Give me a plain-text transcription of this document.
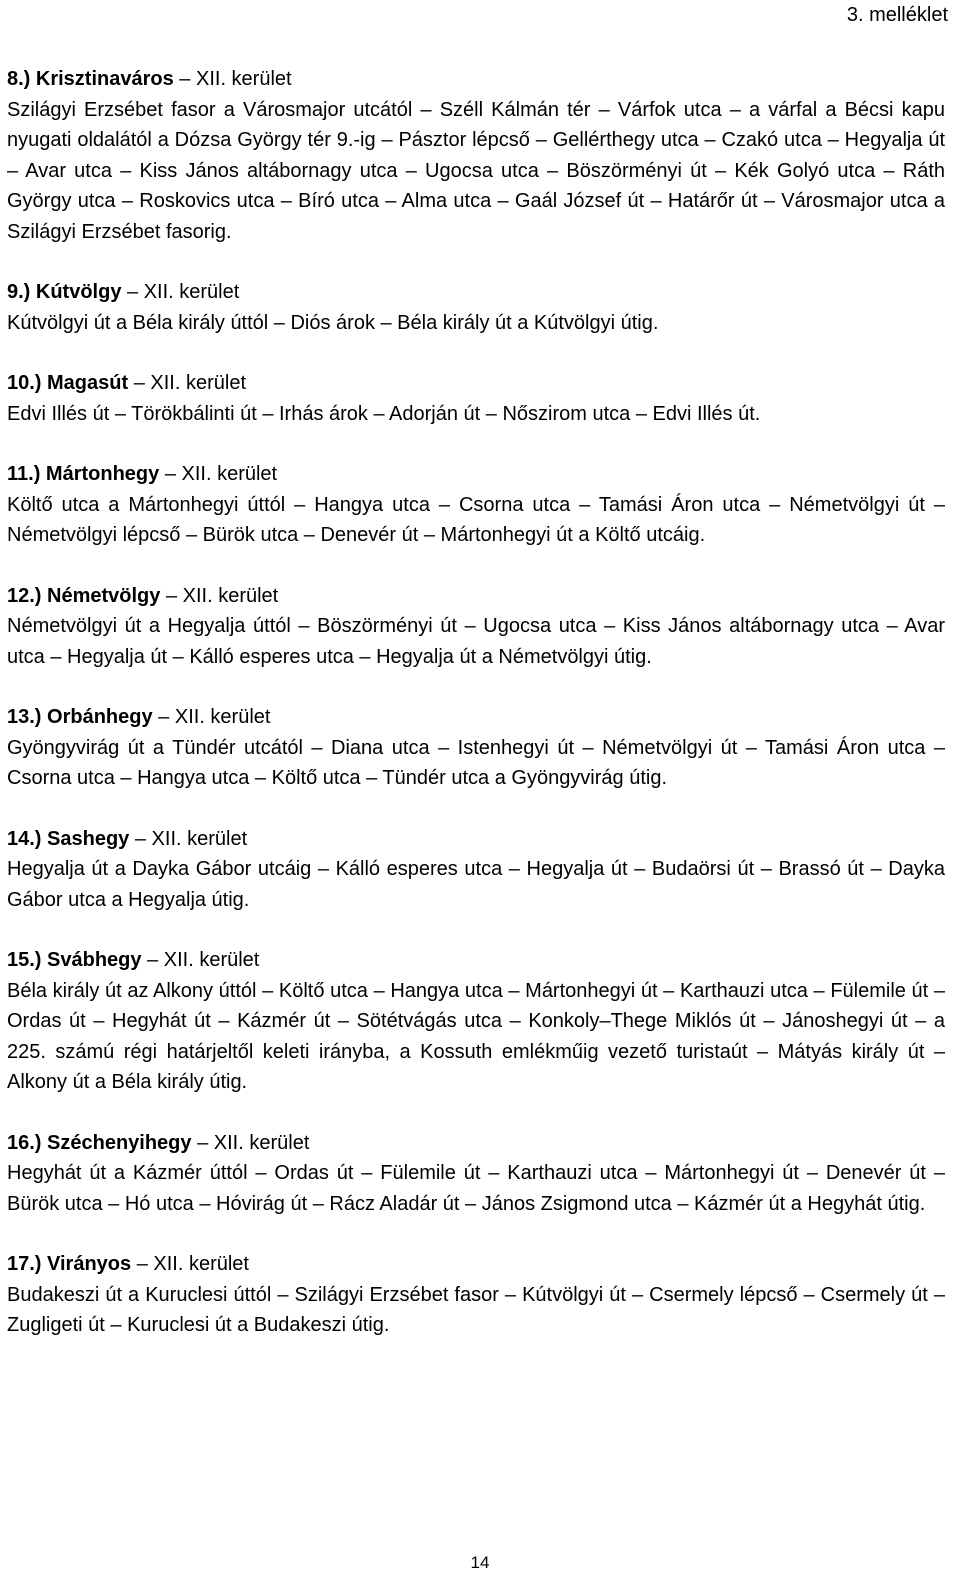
3. melléklet

8.) Krisztinaváros – XII. kerület

Szilágyi Erzsébet fasor a Városmajor utcától – Széll Kálmán tér – Várfok utca – a várfal a Bécsi kapu nyugati oldalától a Dózsa György tér 9.-ig – Pásztor lépcső – Gellérthegy utca – Czakó utca – Hegyalja út – Avar utca – Kiss János altábornagy utca – Ugocsa utca – Böszörményi út – Kék Golyó utca – Ráth György utca – Roskovics utca – Bíró utca – Alma utca – Gaál József út – Határőr út – Városmajor utca a Szilágyi Erzsébet fasorig.

9.) Kútvölgy – XII. kerület

Kútvölgyi út a Béla király úttól – Diós árok – Béla király út a Kútvölgyi útig.

10.) Magasút – XII. kerület

Edvi Illés út – Törökbálinti út – Irhás árok – Adorján út – Nőszirom utca – Edvi Illés út.

11.) Mártonhegy – XII. kerület

Költő utca a Mártonhegyi úttól – Hangya utca – Csorna utca – Tamási Áron utca – Németvölgyi út – Németvölgyi lépcső – Bürök utca – Denevér út – Mártonhegyi út a Költő utcáig.

12.) Németvölgy – XII. kerület

Németvölgyi út a Hegyalja úttól – Böszörményi út – Ugocsa utca – Kiss János altábornagy utca – Avar utca – Hegyalja út – Kálló esperes utca – Hegyalja út a Németvölgyi útig.

13.) Orbánhegy – XII. kerület

Gyöngyvirág út a Tündér utcától – Diana utca – Istenhegyi út – Németvölgyi út – Tamási Áron utca – Csorna utca – Hangya utca – Költő utca – Tündér utca a Gyöngyvirág útig.

14.) Sashegy – XII. kerület

Hegyalja út a Dayka Gábor utcáig – Kálló esperes utca – Hegyalja út – Budaörsi út – Brassó út – Dayka Gábor utca a Hegyalja útig.

15.) Svábhegy – XII. kerület

Béla király út az Alkony úttól – Költő utca – Hangya utca – Mártonhegyi út – Karthauzi utca – Fülemile út – Ordas út – Hegyhát út – Kázmér út – Sötétvágás utca – Konkoly–Thege Miklós út – Jánoshegyi út – a 225. számú régi határjeltől keleti irányba, a Kossuth emlékműig vezető turistaút – Mátyás király út – Alkony út a Béla király útig.

16.) Széchenyihegy – XII. kerület

Hegyhát út a Kázmér úttól – Ordas út – Fülemile út – Karthauzi utca – Mártonhegyi út – Denevér út – Bürök utca – Hó utca – Hóvirág út – Rácz Aladár út – János Zsigmond utca – Kázmér út a Hegyhát útig.

17.) Virányos – XII. kerület

Budakeszi út a Kuruclesi úttól – Szilágyi Erzsébet fasor – Kútvölgyi út – Csermely lépcső – Csermely út – Zugligeti út – Kuruclesi út a Budakeszi útig.

14
